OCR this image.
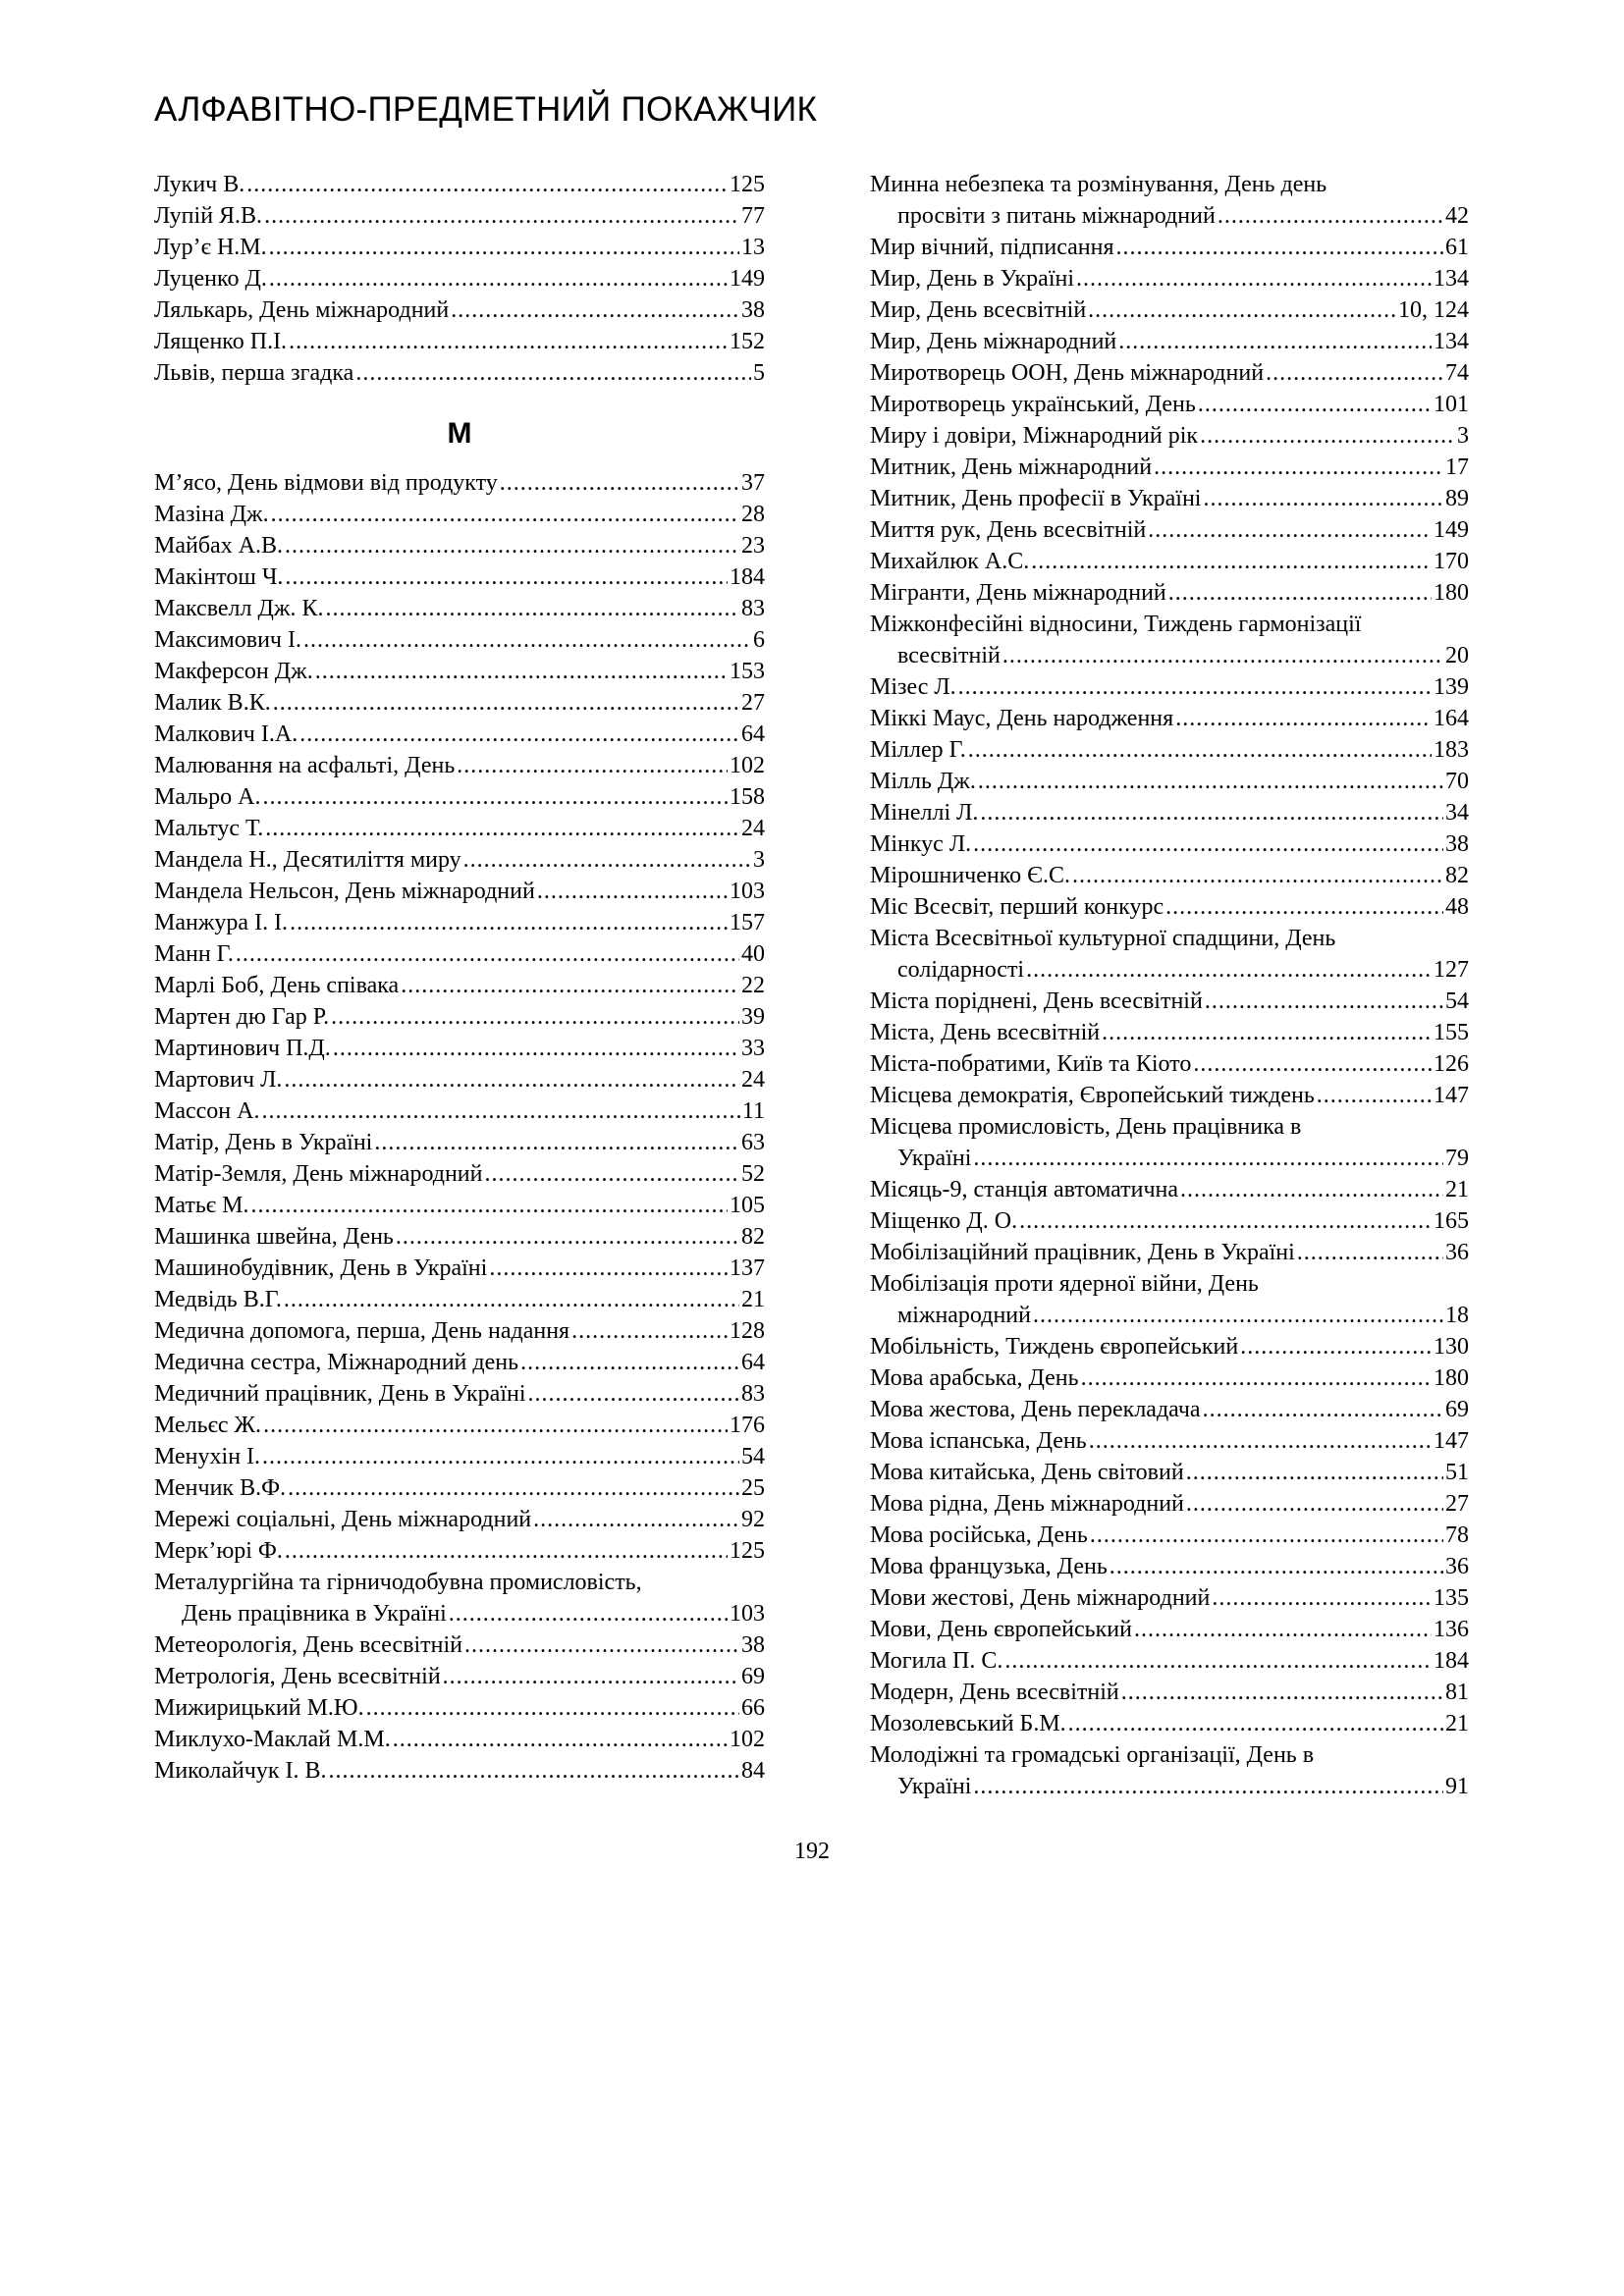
АЛФАВІТНО-ПРЕДМЕТНИЙ ПОКАЖЧИК
Лукич В. .....	125
Лупій Я.В. .....	77
Лур’є Н.М. .....	13
Луценко Д. .....	149
Лялькарь, День міжнародний .....	38
Лященко П.І. .....	152
Львів, перша згадка .....	5
М
М’ясо, День відмови від продукту .....	37
Мазіна Дж. .....	28
Майбах А.В. .....	23
Макінтош Ч. .....	184
Максвелл Дж. К. .....	83
Максимович І. .....	6
Макферсон Дж. .....	153
Малик В.К. .....	27
Малкович І.А. .....	64
Малювання на асфальті, День .....	102
Мальро А. .....	158
Мальтус Т. .....	24
Мандела Н., Десятиліття миру .....	3
Мандела Нельсон, День міжнародний .....	103
Манжура І. І. .....	157
Манн Г. .....	40
Марлі Боб, День співака .....	22
Мартен дю Гар Р. .....	39
Мартинович П.Д. .....	33
Мартович Л. .....	24
Массон А. .....	11
Матір, День в Україні .....	63
Матір-Земля, День міжнародний .....	52
Матьє М. .....	105
Машинка швейна, День .....	82
Машинобудівник, День в Україні .....	137
Медвідь В.Г. .....	21
Медична допомога, перша, День надання .....	128
Медична сестра, Міжнародний день .....	64
Медичний працівник, День в Україні .....	83
Мельєс Ж. .....	176
Менухін І. .....	54
Менчик В.Ф. .....	25
Мережі соціальні, День міжнародний .....	92
Мерк’юрі Ф. .....	125
Металургійна та гірничодобувна промисловість,
День працівника в Україні .....	103
Метеорологія, День всесвітній .....	38
Метрологія, День всесвітній .....	69
Мижирицький М.Ю. .....	66
Миклухо-Маклай М.М. .....	102
Миколайчук І. В. .....	84
Минна небезпека та розмінування, День день
просвіти з питань міжнародний .....	42
Мир вічний, підписання .....	61
Мир, День в Україні .....	134
Мир, День всесвітній .....	10, 124
Мир, День міжнародний .....	134
Миротворець ООН, День міжнародний .....	74
Миротворець український, День .....	101
Миру і довіри, Міжнародний рік .....	3
Митник, День міжнародний .....	17
Митник, День професії в Україні .....	89
Миття рук, День всесвітній .....	149
Михайлюк А.С. .....	170
Мігранти, День міжнародний .....	180
Міжконфесійні відносини, Тиждень гармонізації
всесвітній .....	20
Мізес Л. .....	139
Міккі Маус, День народження .....	164
Міллер Г. .....	183
Мілль Дж. .....	70
Мінеллі Л. .....	34
Мінкус Л. .....	38
Мірошниченко Є.С. .....	82
Міс Всесвіт, перший конкурс .....	48
Міста Всесвітньої культурної спадщини, День
солідарності .....	127
Міста поріднені, День всесвітній .....	54
Міста, День всесвітній .....	155
Міста-побратими, Київ та Кіото .....	126
Місцева демократія, Європейський тиждень .....	147
Місцева промисловість, День працівника в
Україні .....	79
Місяць-9, станція автоматична .....	21
Міщенко Д. О. .....	165
Мобілізаційний працівник, День в Україні .....	36
Мобілізація проти ядерної війни, День
міжнародний .....	18
Мобільність, Тиждень європейський .....	130
Мова арабська, День .....	180
Мова жестова, День перекладача .....	69
Мова іспанська, День .....	147
Мова китайська, День світовий .....	51
Мова рідна, День міжнародний .....	27
Мова російська, День .....	78
Мова французька, День .....	36
Мови жестові, День міжнародний .....	135
Мови, День європейський .....	136
Могила П. С. .....	184
Модерн, День всесвітній .....	81
Мозолевський Б.М. .....	21
Молодіжні та громадські організації, День в
Україні .....	91
192
